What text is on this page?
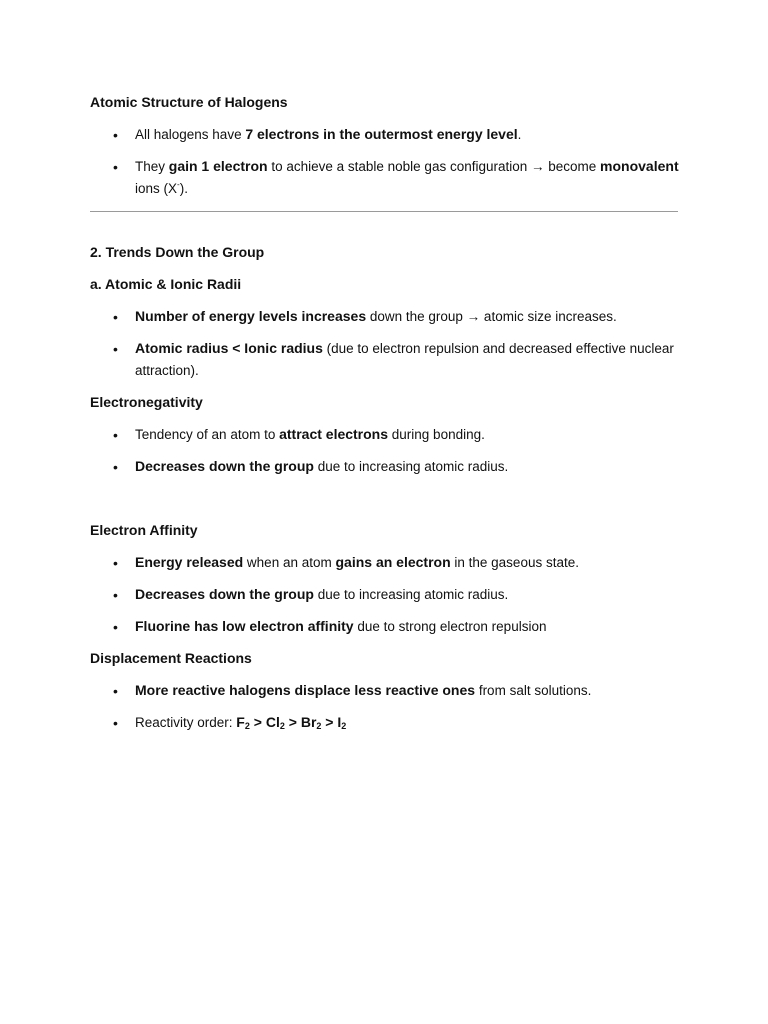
Atomic Structure of Halogens
• All halogens have 7 electrons in the outermost energy level.
• They gain 1 electron to achieve a stable noble gas configuration → become monovalent
ions (X-).
2. Trends Down the Group
a. Atomic & Ionic Radii
• Number of energy levels increases down the group → atomic size increases.
• Atomic radius < Ionic radius (due to electron repulsion and decreased effective nuclear attraction).
Electronegativity
• Tendency of an atom to attract electrons during bonding.
• Decreases down the group due to increasing atomic radius.
Electron Affinity
• Energy released when an atom gains an electron in the gaseous state.
• Decreases down the group due to increasing atomic radius.
• Fluorine has low electron affinity due to strong electron repulsion
Displacement Reactions
• More reactive halogens displace less reactive ones from salt solutions.
• Reactivity order: $F_2 > Cl_2 > Br_2 > I_2$
